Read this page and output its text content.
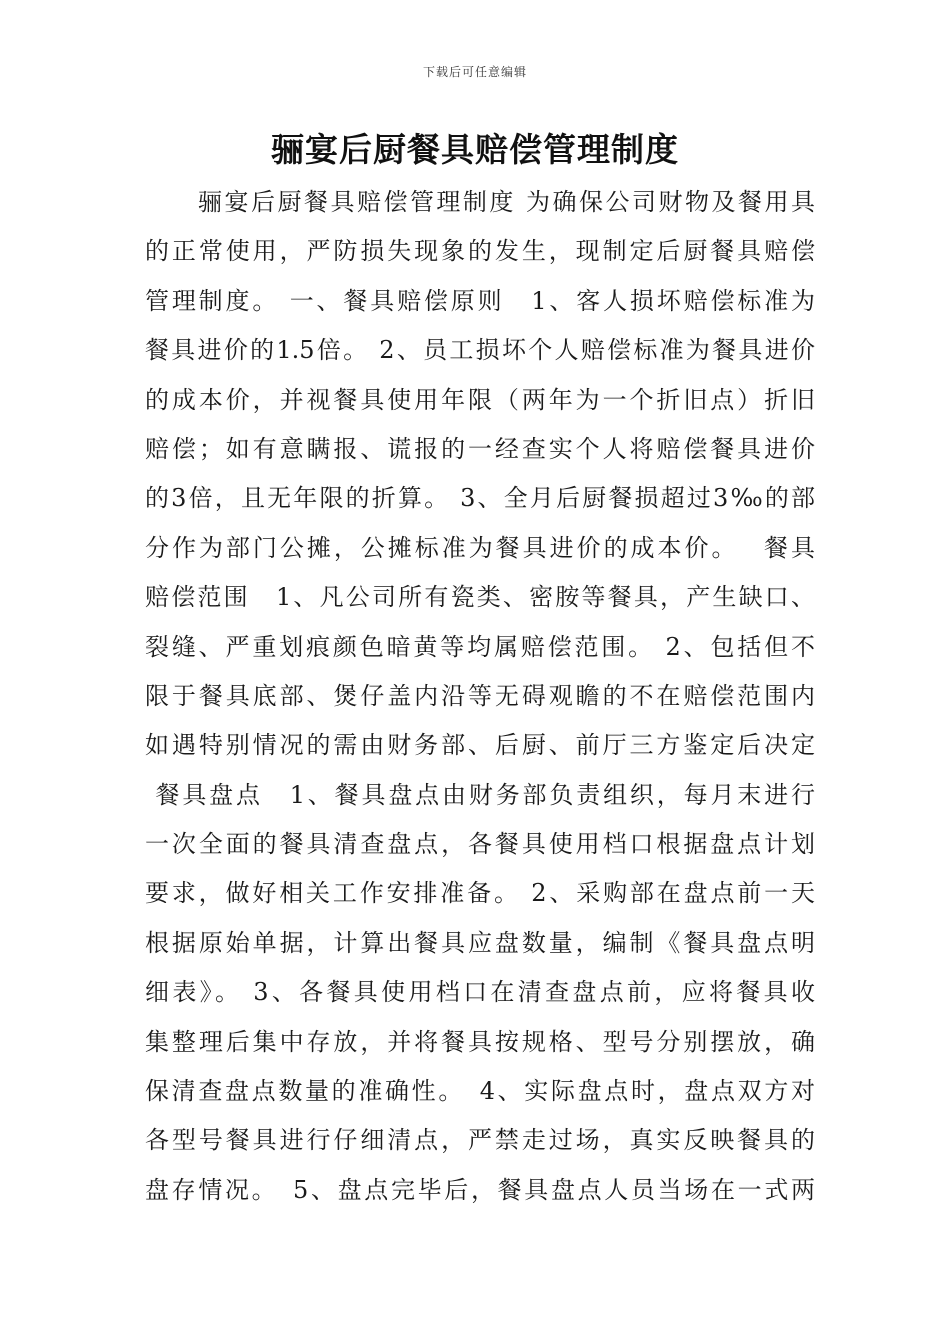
下载后可任意编辑
骊宴后厨餐具赔偿管理制度
　　骊宴后厨餐具赔偿管理制度 为确保公司财物及餐用具
的正常使用，严防损失现象的发生，现制定后厨餐具赔偿
管理制度。 一、餐具赔偿原则　1、客人损坏赔偿标准为
餐具进价的1.5倍。 2、员工损坏个人赔偿标准为餐具进价
的成本价，并视餐具使用年限（两年为一个折旧点）折旧
赔偿；如有意瞒报、谎报的一经查实个人将赔偿餐具进价
的3倍，且无年限的折算。 3、全月后厨餐损超过3‰的部
分作为部门公摊，公摊标准为餐具进价的成本价。　 餐具
赔偿范围　1、凡公司所有瓷类、密胺等餐具，产生缺口、
裂缝、严重划痕颜色暗黄等均属赔偿范围。 2、包括但不
限于餐具底部、煲仔盖内沿等无碍观瞻的不在赔偿范围内
如遇特别情况的需由财务部、后厨、前厅三方鉴定后决定
餐具盘点　1、餐具盘点由财务部负责组织，每月末进行
一次全面的餐具清查盘点，各餐具使用档口根据盘点计划
要求，做好相关工作安排准备。 2、采购部在盘点前一天
根据原始单据，计算出餐具应盘数量，编制《餐具盘点明
细表》。 3、各餐具使用档口在清查盘点前，应将餐具收
集整理后集中存放，并将餐具按规格、型号分别摆放，确
保清查盘点数量的准确性。　4、实际盘点时，盘点双方对
各型号餐具进行仔细清点，严禁走过场，真实反映餐具的
盘存情况。　5、盘点完毕后，餐具盘点人员当场在一式两
